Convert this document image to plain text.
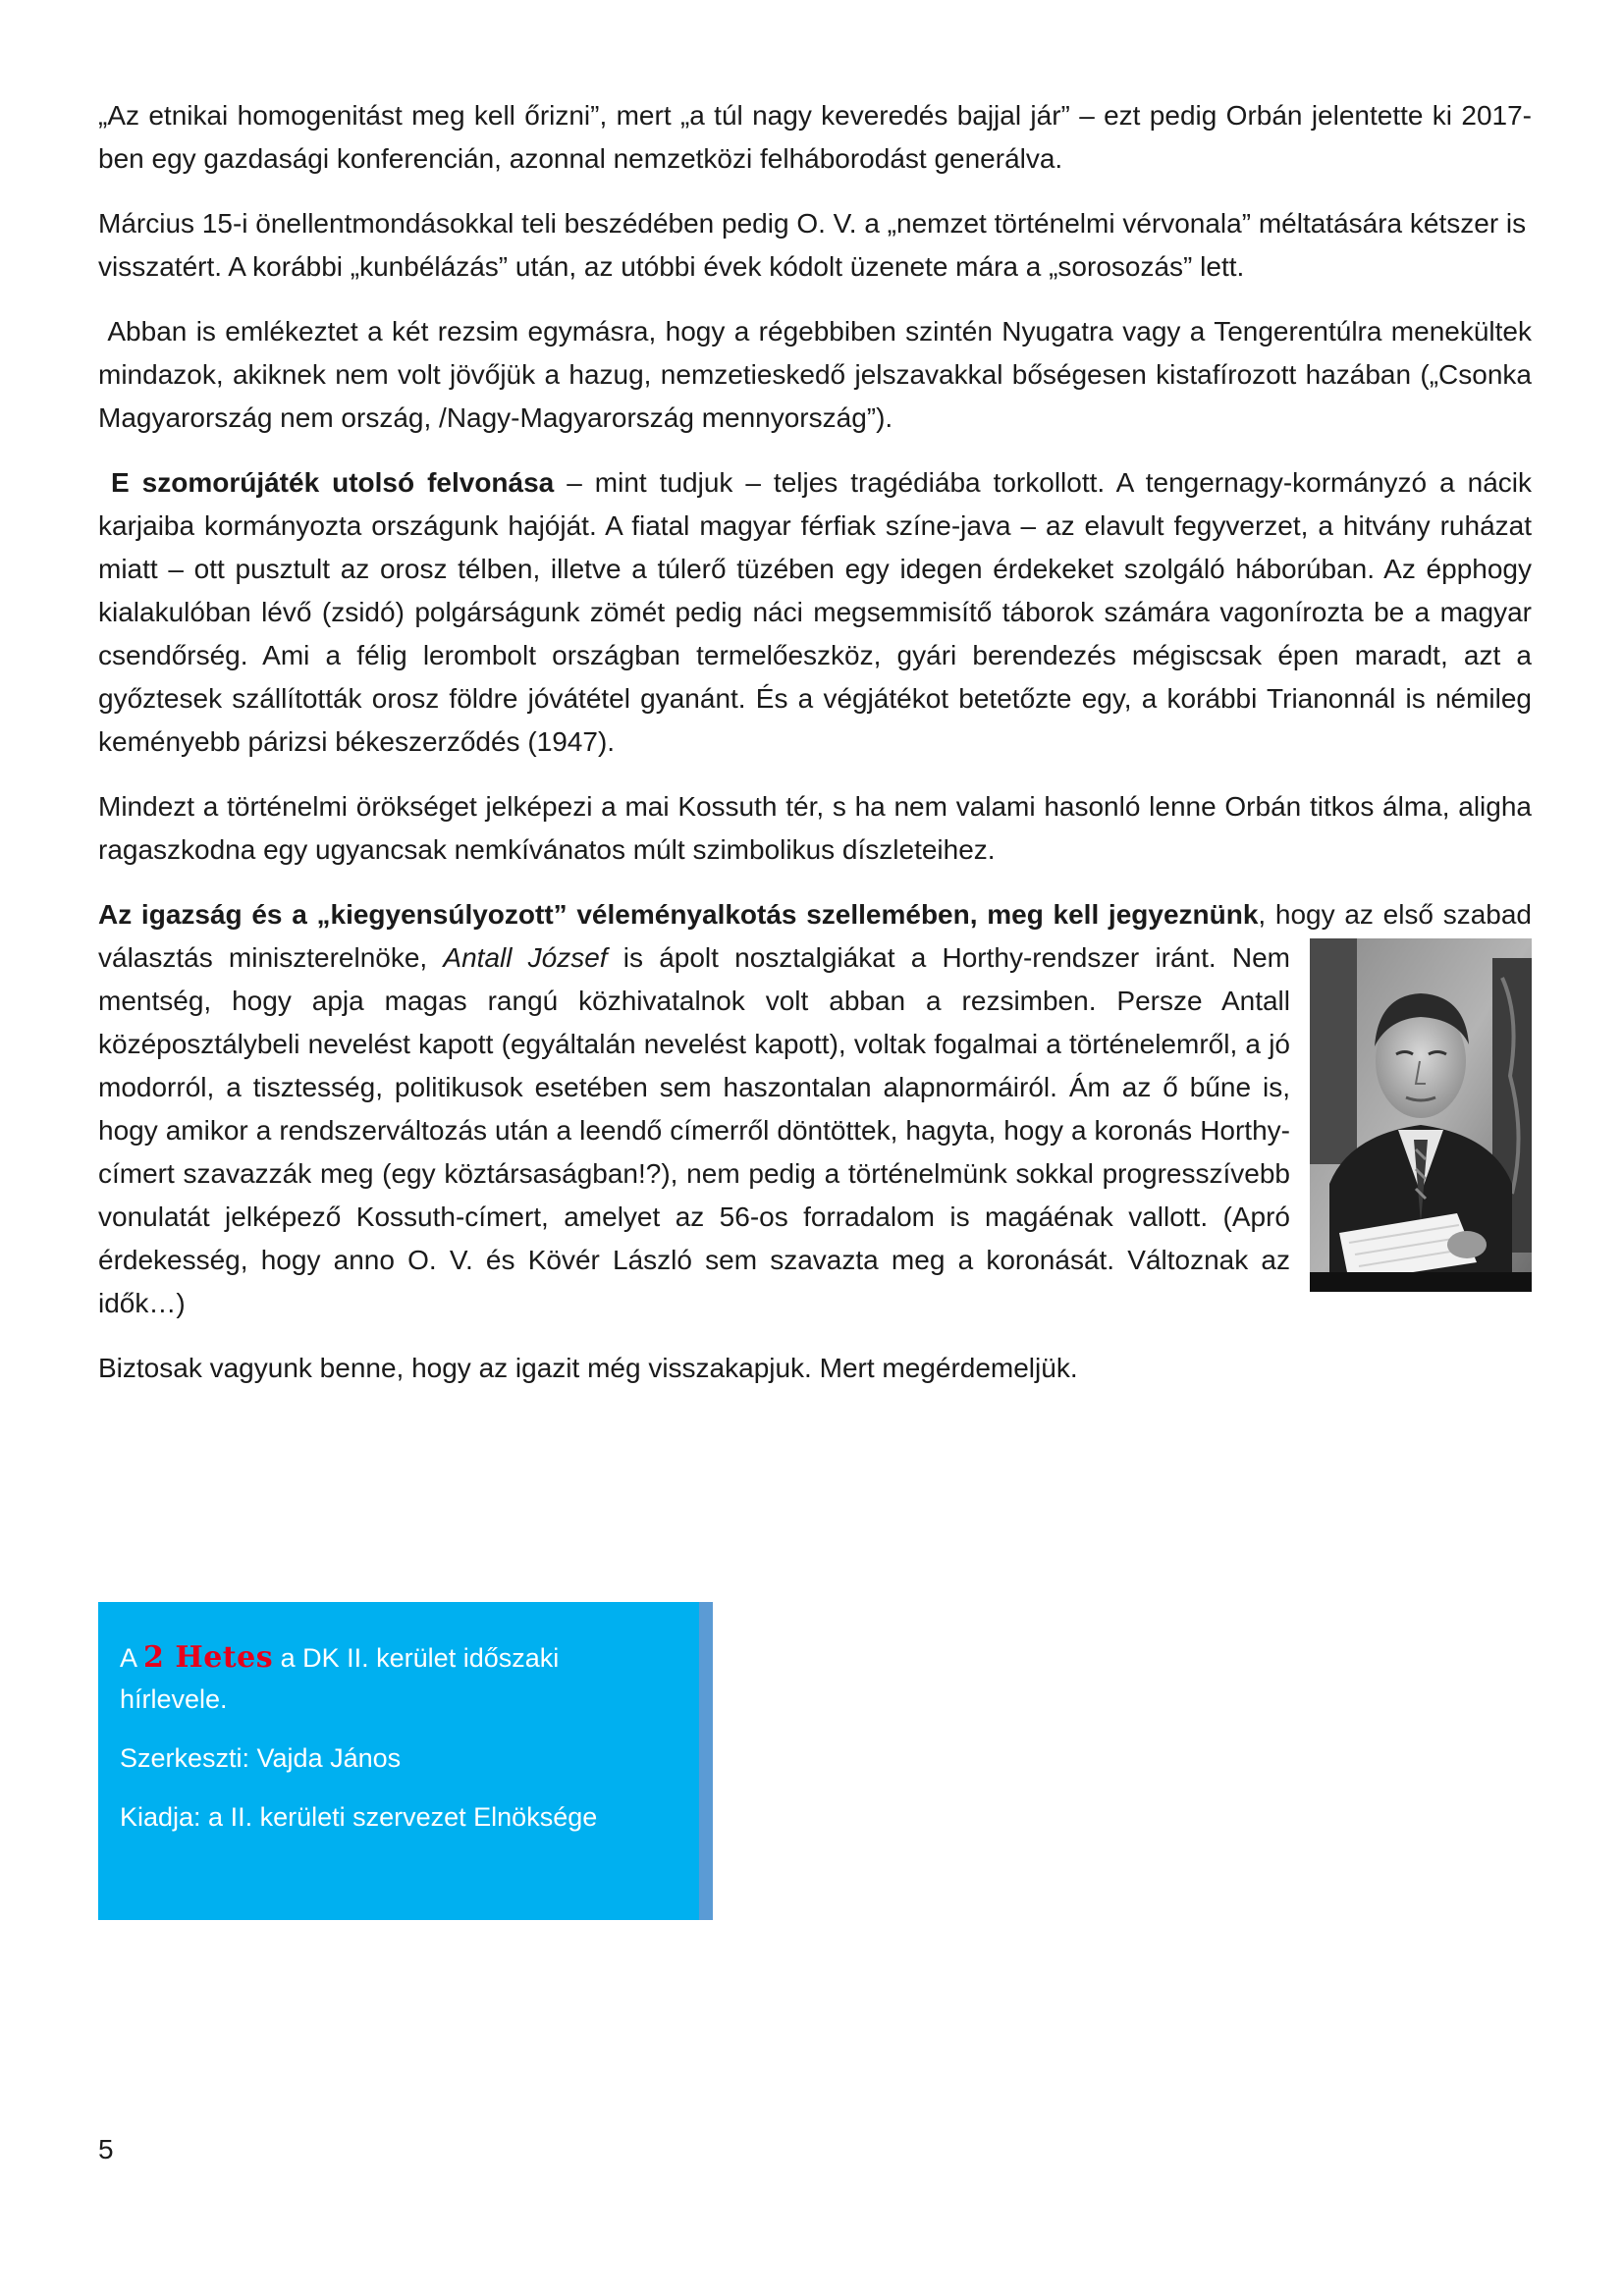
„Az etnikai homogenitást meg kell őrizni”, mert „a túl nagy keveredés bajjal jár” – ezt pedig Orbán jelentette ki 2017-ben egy gazdasági konferencián, azonnal nemzetközi felháborodást generálva.

Március 15-i önellentmondásokkal teli beszédében pedig O. V. a „nemzet történelmi vérvonala” méltatására kétszer is visszatért. A korábbi „kunbélázás” után, az utóbbi évek kódolt üzenete mára a „sorosozás” lett.

Abban is emlékeztet a két rezsim egymásra, hogy a régebbiben szintén Nyugatra vagy a Tengerentúlra menekültek mindazok, akiknek nem volt jövőjük a hazug, nemzetieskedő jelszavakkal bőségesen kistafírozott hazában („Csonka Magyarország nem ország, /Nagy-Magyarország mennyország”).

E szomorújáték utolsó felvonása – mint tudjuk – teljes tragédiába torkollott. A tengernagy-kormányzó a nácik karjaiba kormányozta országunk hajóját. A fiatal magyar férfiak színe-java – az elavult fegyverzet, a hitvány ruházat miatt – ott pusztult az orosz télben, illetve a túlerő tüzében egy idegen érdekeket szolgáló háborúban. Az épphogy kialakulóban lévő (zsidó) polgárságunk zömét pedig náci megsemmisítő táborok számára vagonírozta be a magyar csendőrség. Ami a félig lerombolt országban termelőeszköz, gyári berendezés mégiscsak épen maradt, azt a győztesek szállították orosz földre jóvátétel gyanánt. És a végjátékot betetőzte egy, a korábbi Trianonnál is némileg keményebb párizsi békeszerződés (1947).

Mindezt a történelmi örökséget jelképezi a mai Kossuth tér, s ha nem valami hasonló lenne Orbán titkos álma, aligha ragaszkodna egy ugyancsak nemkívánatos múlt szimbolikus díszleteihez.

Az igazság és a „kiegyensúlyozott” véleményalkotás szellemében, meg kell jegyeznünk, hogy az első szabad választás miniszterelnöke,
Antall József is ápolt nosztalgiákat a Horthy-rendszer iránt. Nem mentség, hogy apja magas rangú közhivatalnok volt abban a rezsimben. Persze Antall középosztálybeli nevelést kapott (egyáltalán nevelést kapott), voltak fogalmai a történelemről, a jó modorról, a tisztesség, politikusok esetében sem haszontalan alapnormáiról. Ám az ő bűne is, hogy amikor a rendszerváltozás után a leendő címerről döntöttek, hagyta, hogy a koronás Horthy-címert szavazzák meg (egy köztársaságban!?), nem pedig a történelmünk sokkal progresszívebb vonulatát jelképező Kossuth-címert, amelyet az 56-os forradalom is magáénak vallott. (Apró érdekesség, hogy anno O. V. és Kövér László sem szavazta meg a koronását. Változnak az idők…)

Biztosak vagyunk benne, hogy az igazit még visszakapjuk. Mert megérdemeljük.

A 2 Hetes a DK II. kerület időszaki hírlevele.

Szerkeszti: Vajda János

Kiadja: a II. kerületi szervezet Elnöksége

5
